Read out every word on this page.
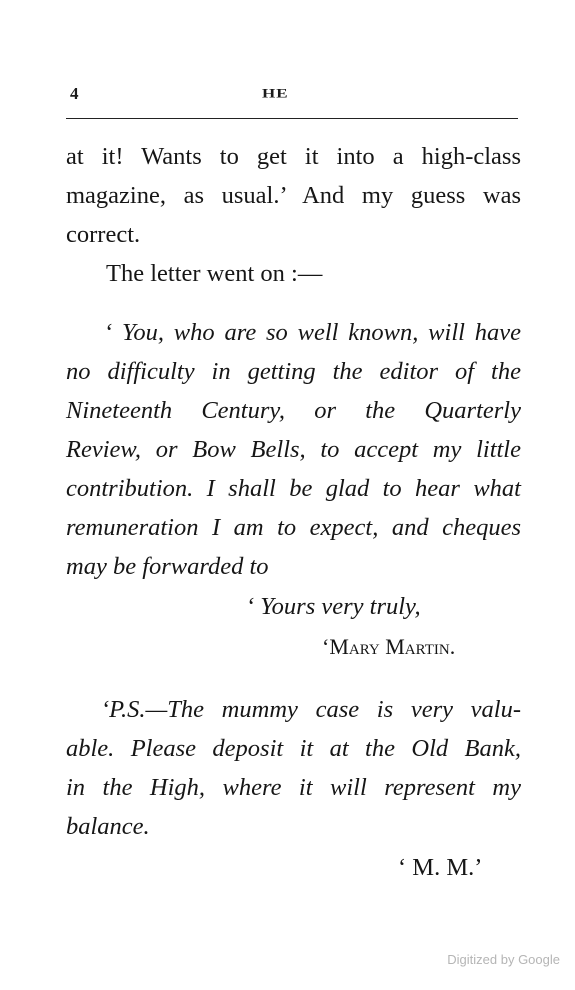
4	HE
at it! Wants to get it into a high-class
magazine, as usual.’ And my guess was
correct.
The letter went on :—
‘ You, who are so well known, will have
no difficulty in getting the editor of the
Nineteenth Century, or the Quarterly
Review, or Bow Bells, to accept my little
contribution. I shall be glad to hear what
remuneration I am to expect, and cheques
may be forwarded to
‘ Yours very truly,
‘Mary Martin.
‘P.S.—The mummy case is very valu-
able. Please deposit it at the Old Bank,
in the High, where it will represent my
balance.
‘ M. M.’
Digitized by Google
